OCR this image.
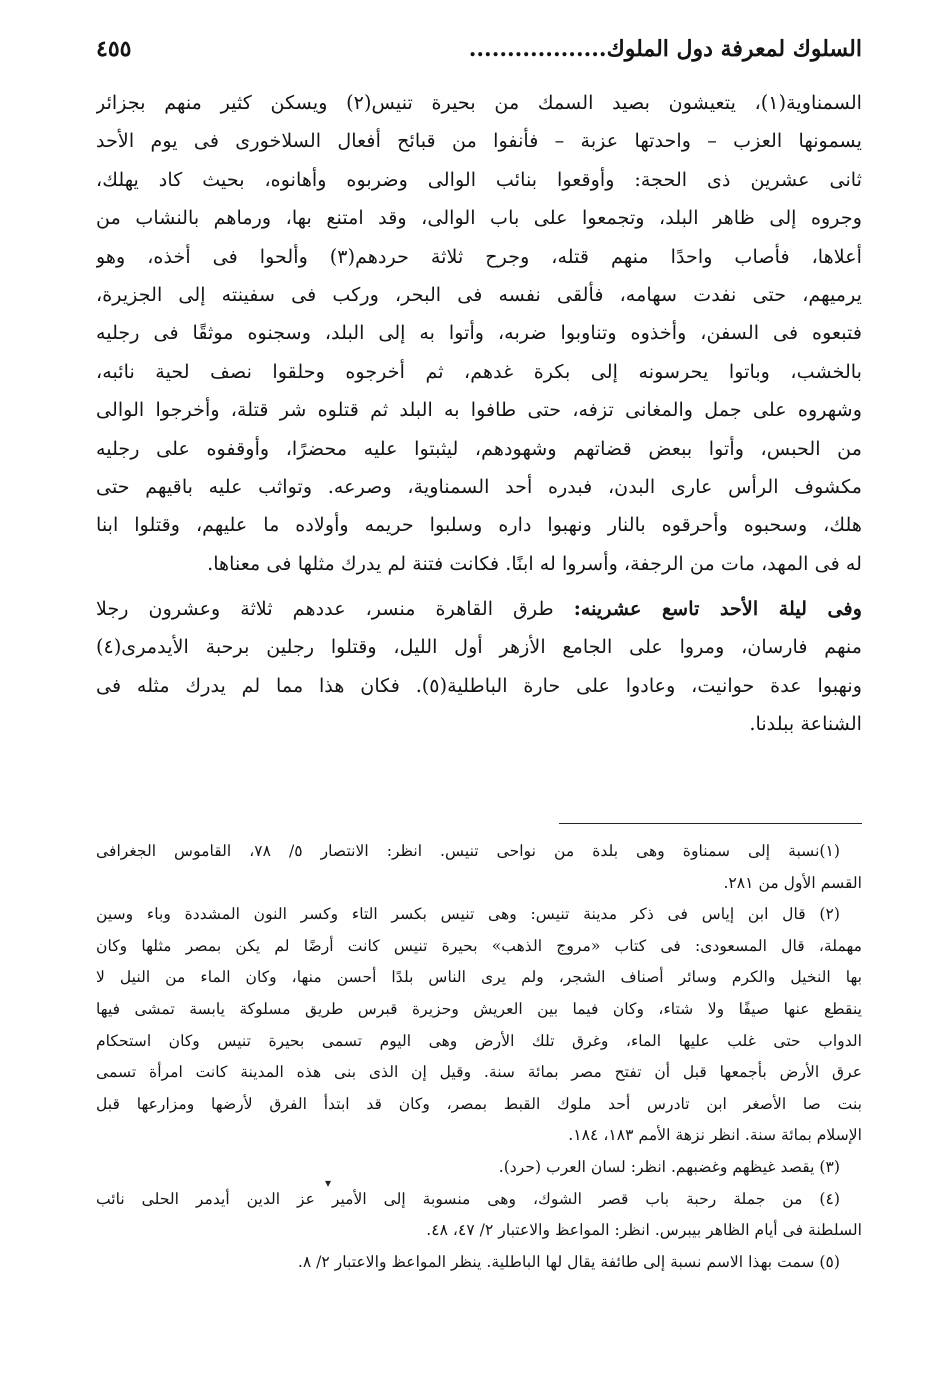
السلوك لمعرفة دول الملوك..................
٤٥٥
السمناوية(١)، يتعيشون بصيد السمك من بحيرة تنيس(٢) ويسكن كثير منهم بجزائر
يسمونها العزب – واحدتها عزبة – فأنفوا من قبائح أفعال السلاخورى فى يوم الأحد
ثانى عشرين ذى الحجة: وأوقعوا بنائب الوالى وضربوه وأهانوه، بحيث كاد يهلك،
وجروه إلى ظاهر البلد، وتجمعوا على باب الوالى، وقد امتنع بها، ورماهم بالنشاب من
أعلاها، فأصاب واحدًا منهم قتله، وجرح ثلاثة حردهم(٣) وألحوا فى أخذه، وهو
يرميهم، حتى نفدت سهامه، فألقى نفسه فى البحر، وركب فى سفينته إلى الجزيرة،
فتبعوه فى السفن، وأخذوه وتناوبوا ضربه، وأتوا به إلى البلد، وسجنوه موثقًا فى رجليه
بالخشب، وباتوا يحرسونه إلى بكرة غدهم، ثم أخرجوه وحلقوا نصف لحية نائبه،
وشهروه على جمل والمغانى تزفه، حتى طافوا به البلد ثم قتلوه شر قتلة، وأخرجوا الوالى
من الحبس، وأتوا ببعض قضاتهم وشهودهم، ليثبتوا عليه محضرًا، وأوقفوه على رجليه
مكشوف الرأس عارى البدن، فبدره أحد السمناوية، وصرعه. وتواثب عليه باقيهم حتى
هلك، وسحبوه وأحرقوه بالنار ونهبوا داره وسلبوا حريمه وأولاده ما عليهم، وقتلوا ابنا
له فى المهد، مات من الرجفة، وأسروا له ابنًا. فكانت فتنة لم يدرك مثلها فى معناها.
وفى ليلة الأحد تاسع عشرينه: طرق القاهرة منسر، عددهم ثلاثة وعشرون رجلا
منهم فارسان، ومروا على الجامع الأزهر أول الليل، وقتلوا رجلين برحبة الأيدمرى(٤)
ونهبوا عدة حوانيت، وعادوا على حارة الباطلية(٥). فكان هذا مما لم يدرك مثله فى
الشناعة ببلدنا.
(١)نسبة إلى سمناوة وهى بلدة من نواحى تنيس. انظر: الانتصار ٥/ ٧٨، القاموس الجغرافى
القسم الأول من ٢٨١.
(٢) قال ابن إياس فى ذكر مدينة تنيس: وهى تنيس بكسر التاء وكسر النون المشددة وباء وسين
مهملة، قال المسعودى: فى كتاب «مروج الذهب» بحيرة تنيس كانت أرضًا لم يكن بمصر مثلها وكان
بها النخيل والكرم وسائر أصناف الشجر، ولم يرى الناس بلدًا أحسن منها، وكان الماء من النيل لا
ينقطع عنها صيفًا ولا شتاء، وكان فيما بين العريش وحزيرة قبرس طريق مسلوكة يابسة تمشى فيها
الدواب حتى غلب عليها الماء، وغرق تلك الأرض وهى اليوم تسمى بحيرة تنيس وكان استحكام
عرق الأرض بأجمعها قبل أن تفتح مصر بمائة سنة. وقيل إن الذى بنى هذه المدينة كانت امرأة تسمى
بنت صا الأصغر ابن تادرس أحد ملوك القبط بمصر، وكان قد ابتدأ الفرق لأرضها ومزارعها قبل
الإسلام بمائة سنة. انظر نزهة الأمم ١٨٣، ١٨٤.
(٣) يقصد غيظهم وغضبهم. انظر: لسان العرب (حرد).
(٤) من جملة رحبة باب قصر الشوك، وهى منسوبة إلى الأمير عز الدين أيدمر الحلى نائب
السلطنة فى أيام الظاهر بيبرس. انظر: المواعظ والاعتبار ٢/ ٤٧، ٤٨.
(٥) سمت بهذا الاسم نسبة إلى طائفة يقال لها الباطلية. ينظر المواعظ والاعتبار ٢/ ٨.
▾
